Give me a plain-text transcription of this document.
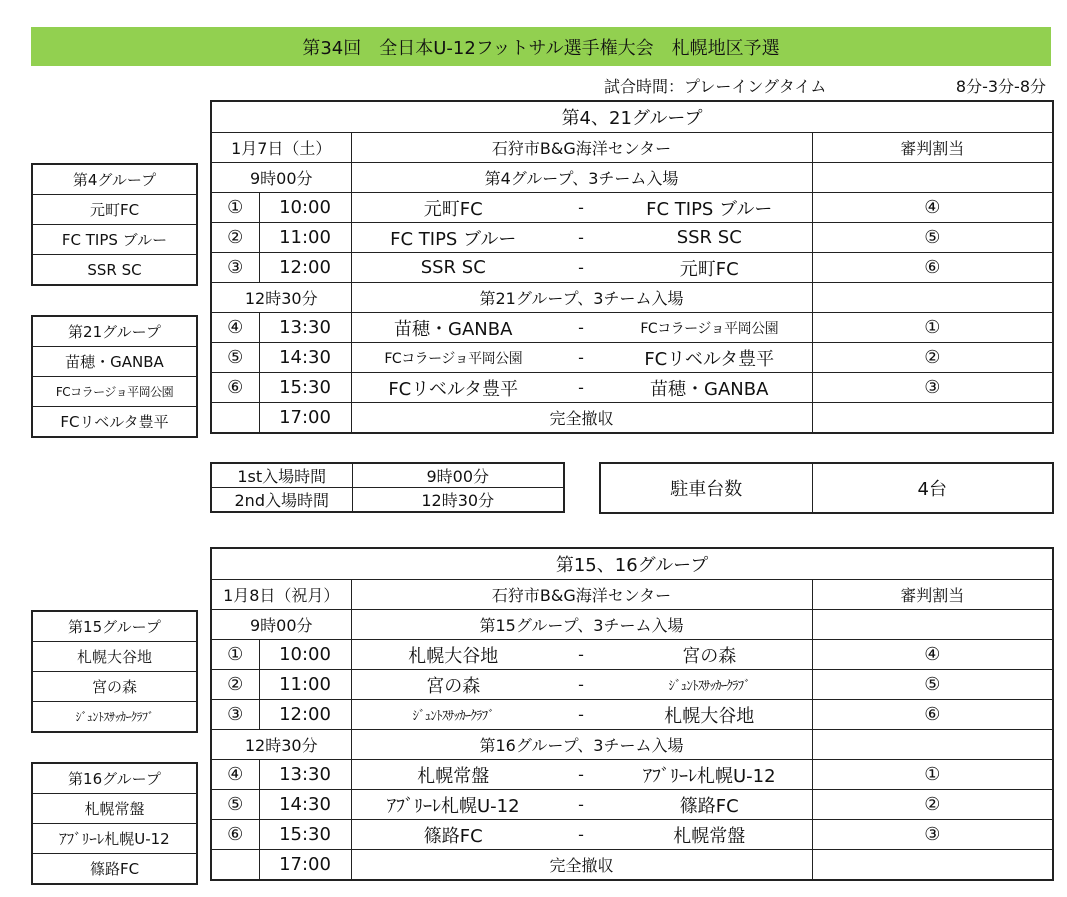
第34回　全日本U-12フットサル選手権大会　札幌地区予選
試合時間：プレーイングタイム	8分-3分-8分
第4、21グループ					
1月7日（土）		石狩市B&G海洋センター			審判割当
9時00分		第4グループ、3チーム入場			
①	10:00	元町FC	-	FC TIPS ブルー	④
②	11:00	FC TIPS ブルー	-	SSR SC	⑤
③	12:00	SSR SC	-	元町FC	⑥
12時30分		第21グループ、3チーム入場			
④	13:30	苗穂・GANBA	-	FCコラージョ平岡公園	①
⑤	14:30	FCコラージョ平岡公園	-	FCリベルタ豊平	②
⑥	15:30	FCリベルタ豊平	-	苗穂・GANBA	③
	17:00	完全撤収			
第4グループ
元町FC
FC TIPS ブルー
SSR SC
第21グループ
苗穂・GANBA
FCコラージョ平岡公園
FCリベルタ豊平
1st入場時間	9時00分
2nd入場時間	12時30分
駐車台数	4台
第15、16グループ					
1月8日（祝月）		石狩市B&G海洋センター			審判割当
9時00分		第15グループ、3チーム入場			
①	10:00	札幌大谷地	-	宮の森	④
②	11:00	宮の森	-	ｼﾞｭﾝﾄｽｻｯｶｰｸﾗﾌﾞ	⑤
③	12:00	ｼﾞｭﾝﾄｽｻｯｶｰｸﾗﾌﾞ	-	札幌大谷地	⑥
12時30分		第16グループ、3チーム入場			
④	13:30	札幌常盤	-	ｱﾌﾞﾘｰﾚ札幌U-12	①
⑤	14:30	ｱﾌﾞﾘｰﾚ札幌U-12	-	篠路FC	②
⑥	15:30	篠路FC	-	札幌常盤	③
	17:00	完全撤収			
第15グループ
札幌大谷地
宮の森
ｼﾞｭﾝﾄｽｻｯｶｰｸﾗﾌﾞ
第16グループ
札幌常盤
ｱﾌﾞﾘｰﾚ札幌U-12
篠路FC
